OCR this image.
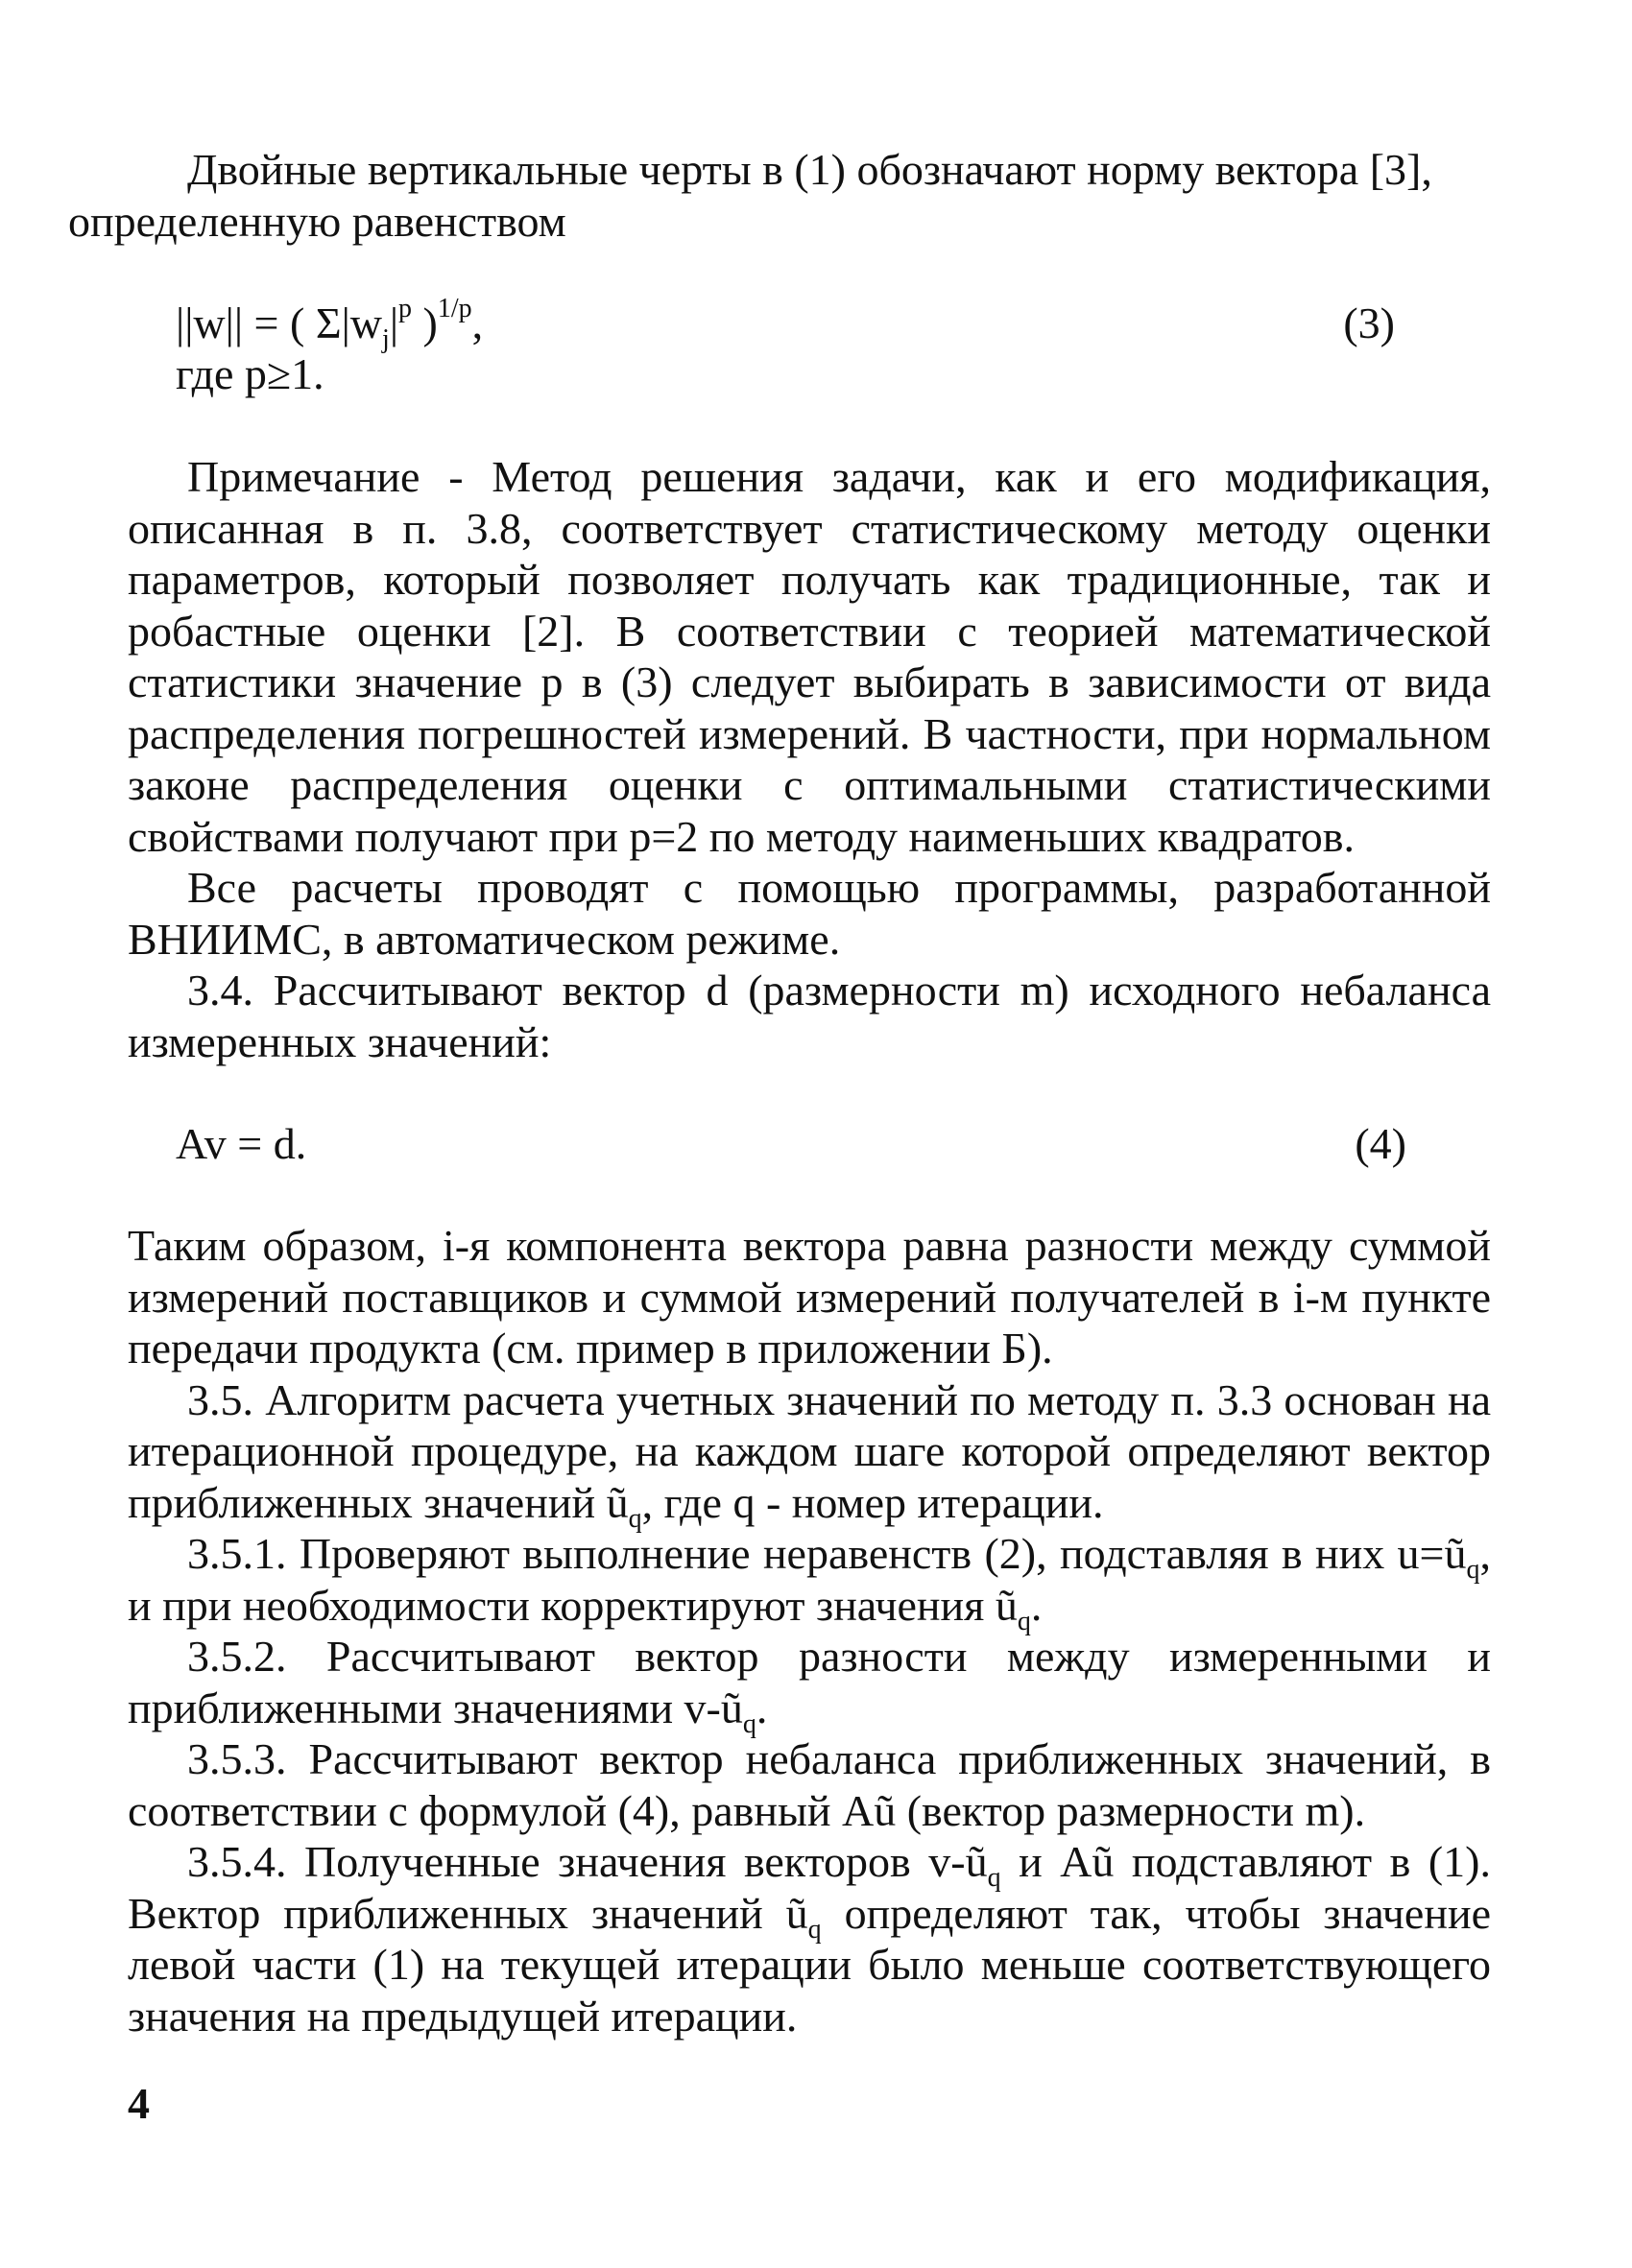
Двойные вертикальные черты в (1) обозначают норму вектора [3],
определенную равенством

||w|| = ( $\Sigma|w_j|^p$ )$^{1/p}$,	(3)
где p≥1.

Примечание - Метод решения задачи, как и его модификация, описанная в п. 3.8, соответствует статистическому методу оценки параметров, который позволяет получать как традиционные, так и робастные оценки [2]. В соответствии с теорией математической статистики значение p в (3) следует выбирать в зависимости от вида распределения погрешностей измерений. В частности, при нормальном законе распределения оценки с оптимальными статистическими свойствами получают при p=2 по методу наименьших квадратов.

Все расчеты проводят с помощью программы, разработанной ВНИИМС, в автоматическом режиме.

3.4. Рассчитывают вектор d (размерности m) исходного небаланса измеренных значений:

Av = d.	(4)

Таким образом, i-я компонента вектора равна разности между суммой измерений поставщиков и суммой измерений получателей в i-м пункте передачи продукта (см. пример в приложении Б).

3.5. Алгоритм расчета учетных значений по методу п. 3.3 основан на итерационной процедуре, на каждом шаге которой определяют вектор приближенных значений $ũ_q$, где q - номер итерации.

3.5.1. Проверяют выполнение неравенств (2), подставляя в них $u=ũ_q$, и при необходимости корректируют значения $ũ_q$.

3.5.2. Рассчитывают вектор разности между измеренными и приближенными значениями $v-ũ_q$.

3.5.3. Рассчитывают вектор небаланса приближенных значений, в соответствии с формулой (4), равный Aũ (вектор размерности m).

3.5.4. Полученные значения векторов $v-ũ_q$ и Aũ подставляют в (1). Вектор приближенных значений $ũ_q$ определяют так, чтобы значение левой части (1) на текущей итерации было меньше соответствующего значения на предыдущей итерации.

4
